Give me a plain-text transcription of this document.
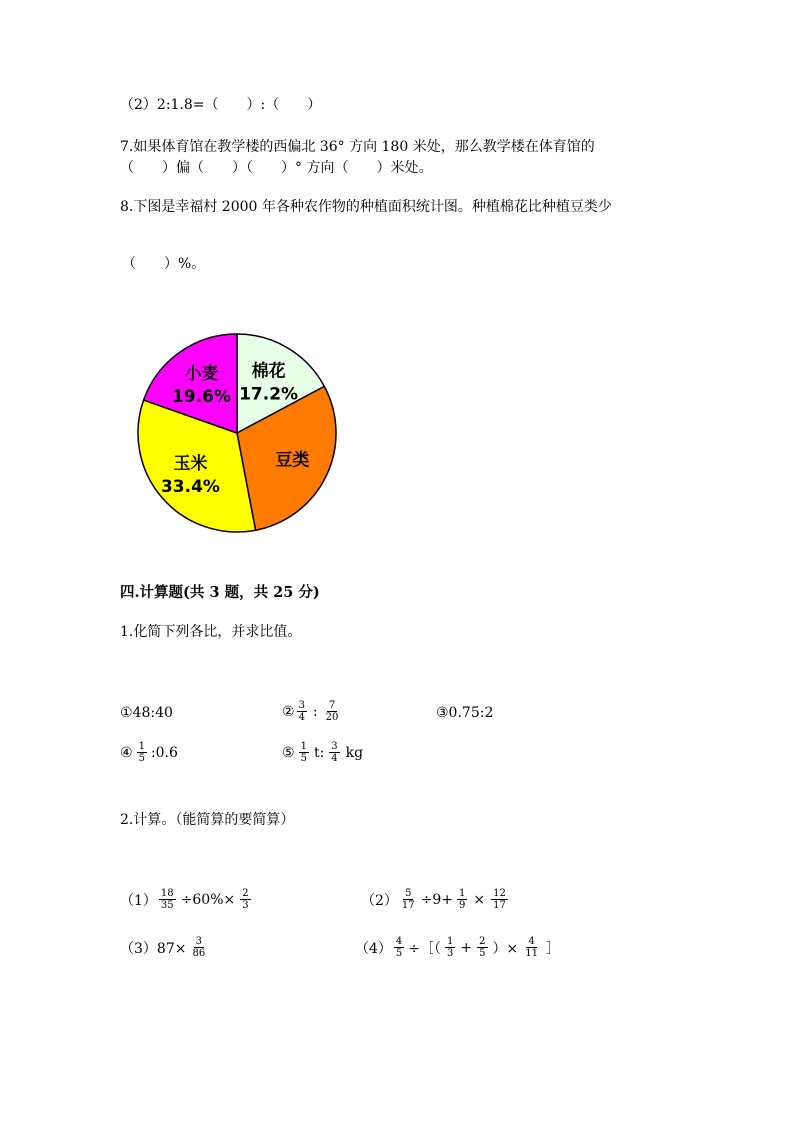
（2）2:1.8=（　　）:（　　）
7.如果体育馆在教学楼的西偏北 36° 方向 180 米处，那么教学楼在体育馆的
（　　）偏（　　）（　　）° 方向（　　）米处。
8.下图是幸福村 2000 年各种农作物的种植面积统计图。种植棉花比种植豆类少
（　　）%。
棉花
17.2%
豆类
玉米
33.4%
小麦
19.6%
四.计算题(共 3 题，共 25 分)
1.化简下列各比，并求比值。
①48:40	② $\frac{3}{4}$ : $\frac{7}{20}$	③0.75:2
④ $\frac{1}{5}$ :0.6	⑤ $\frac{1}{5} t$: $\frac{3}{4}$ kg
2.计算。（能简算的要简算）
$(1) \frac{18}{35} \div 60\%\times \frac{2}{3}$	$(2) \frac{5}{17} \div 9+ \frac{1}{9} \times \frac{12}{17}$
$(3)87\times \frac{3}{86}$	$(4) \frac{4}{5}$ ÷［（ $\frac{1}{3} + \frac{2}{5}$ ）× $\frac{4}{11}$ ］
